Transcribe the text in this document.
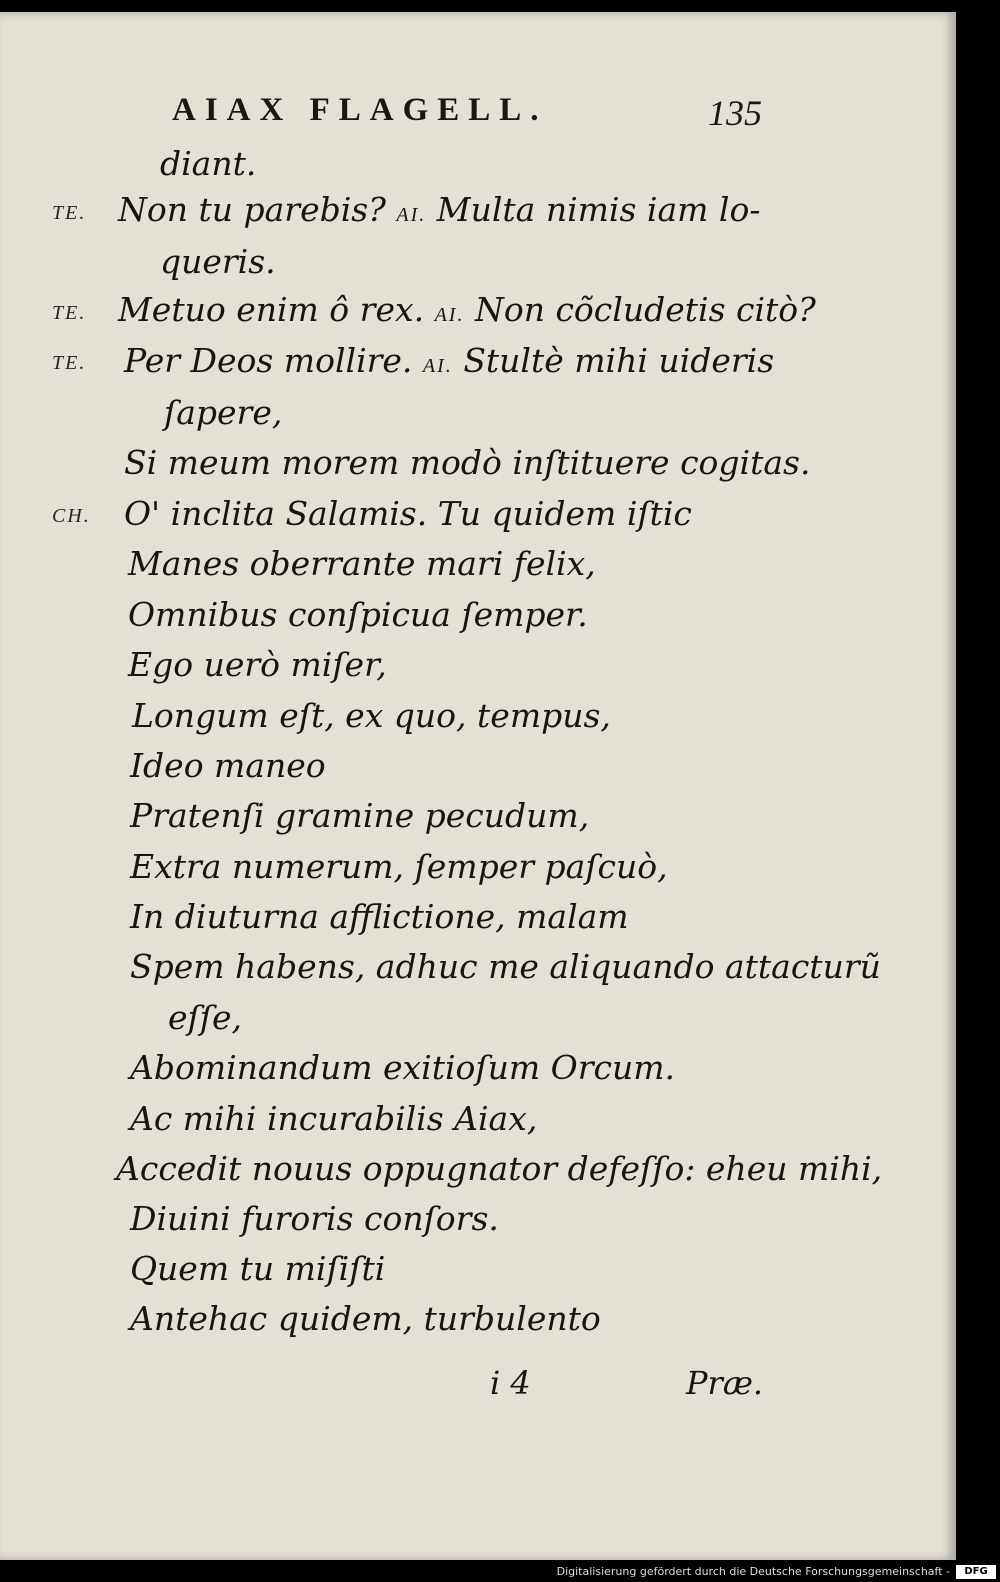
AIAX FLAGELL.	135
diant.
TE. Non tu parebis? AI. Multa nimis iam lo-
queris.
TE. Metuo enim ô rex. AI. Non cõcludetis citò?
TE. Per Deos mollire. AI. Stultè mihi uideris
ſapere,
Si meum morem modò inſtituere cogitas.
CH. O' inclita Salamis. Tu quidem iſtic
Manes oberrante mari felix,
Omnibus conſpicua ſemper.
Ego uerò miſer,
Longum eſt, ex quo, tempus,
Ideo maneo
Pratenſi gramine pecudum,
Extra numerum, ſemper paſcuò,
In diuturna afflictione, malam
Spem habens, adhuc me aliquando attacturũ
eſſe,
Abominandum exitioſum Orcum.
Ac mihi incurabilis Aiax,
Accedit nouus oppugnator defeſſo: eheu mihi,
Diuini furoris conſors.
Quem tu miſiſti
Antehac quidem, turbulento
i 4	Præ.
Digitalisierung gefördert durch die Deutsche Forschungsgemeinschaft -	DFG
